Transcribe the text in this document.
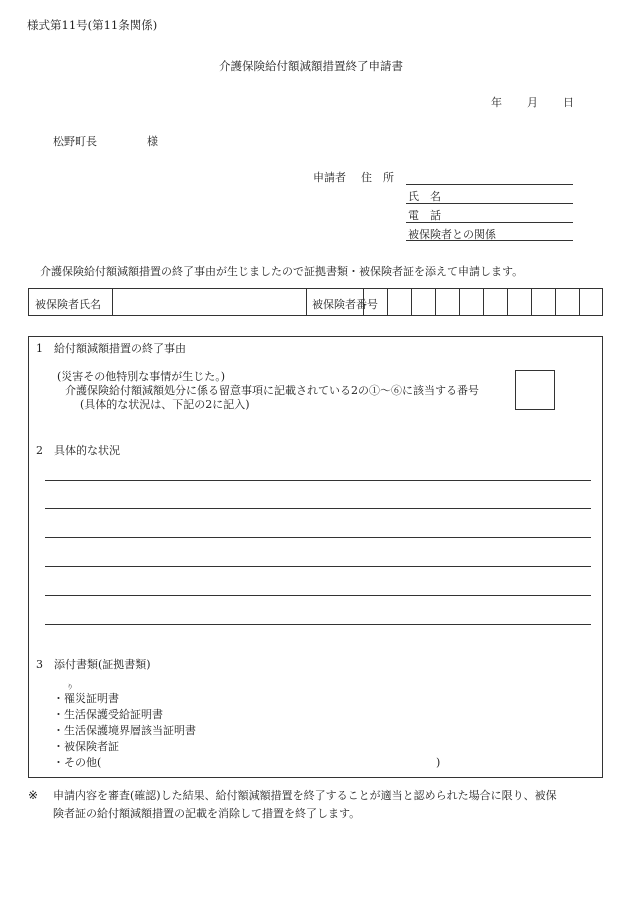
様式第11号(第11条関係)
介護保険給付額減額措置終了申請書
年 月 日
松野町長	様
申請者 住　所
氏　名
電　話
被保険者との関係
介護保険給付額減額措置の終了事由が生じましたので証拠書類・被保険者証を添えて申請します。
被保険者氏名	被保険者番号
1　給付額減額措置の終了事由
(災害その他特別な事情が生じた。)
介護保険給付額減額処分に係る留意事項に記載されている2の①～⑥に該当する番号
(具体的な状況は、下記の2に記入)
2　具体的な状況
3　添付書類(証拠書類)
り
・罹災証明書
・生活保護受給証明書
・生活保護境界層該当証明書
・被保険者証
・その他(	)
※ 申請内容を審査(確認)した結果、給付額減額措置を終了することが適当と認められた場合に限り、被保
険者証の給付額減額措置の記載を消除して措置を終了します。
